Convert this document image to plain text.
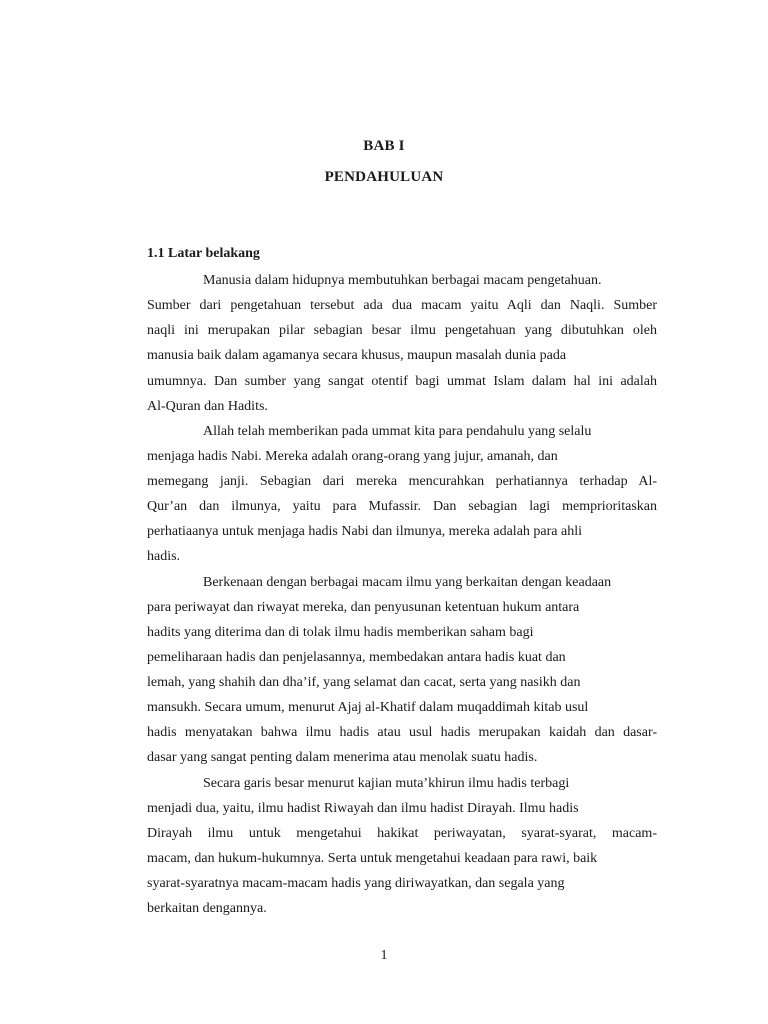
BAB I
PENDAHULUAN
1.1 Latar belakang
Manusia dalam hidupnya membutuhkan berbagai macam pengetahuan.
Sumber dari pengetahuan tersebut ada dua macam yaitu Aqli dan Naqli. Sumber
naqli ini merupakan pilar sebagian besar ilmu pengetahuan yang dibutuhkan oleh
manusia baik dalam agamanya secara khusus, maupun masalah dunia pada
umumnya. Dan sumber yang sangat otentif bagi ummat Islam dalam hal ini adalah
Al-Quran dan Hadits.
Allah telah memberikan pada ummat kita para pendahulu yang selalu
menjaga hadis Nabi. Mereka adalah orang-orang yang jujur, amanah, dan
memegang janji. Sebagian dari mereka mencurahkan perhatiannya terhadap Al-
Qur’an dan ilmunya, yaitu para Mufassir. Dan sebagian lagi memprioritaskan
perhatiaanya untuk menjaga hadis Nabi dan ilmunya, mereka adalah para ahli
hadis.
Berkenaan dengan berbagai macam ilmu yang berkaitan dengan keadaan
para periwayat dan riwayat mereka, dan penyusunan ketentuan hukum antara
hadits yang diterima dan di tolak ilmu hadis memberikan saham bagi
pemeliharaan hadis dan penjelasannya, membedakan antara hadis kuat dan
lemah, yang shahih dan dha’if, yang selamat dan cacat, serta yang nasikh dan
mansukh. Secara umum, menurut Ajaj al-Khatif dalam muqaddimah kitab usul
hadis menyatakan bahwa ilmu hadis atau usul hadis merupakan kaidah dan dasar-
dasar yang sangat penting dalam menerima atau menolak suatu hadis.
Secara garis besar menurut kajian muta’khirun ilmu hadis terbagi
menjadi dua, yaitu, ilmu hadist Riwayah dan ilmu hadist Dirayah. Ilmu hadis
Dirayah ilmu untuk mengetahui hakikat periwayatan, syarat-syarat, macam-
macam, dan hukum-hukumnya. Serta untuk mengetahui keadaan para rawi, baik
syarat-syaratnya macam-macam hadis yang diriwayatkan, dan segala yang
berkaitan dengannya.
1
